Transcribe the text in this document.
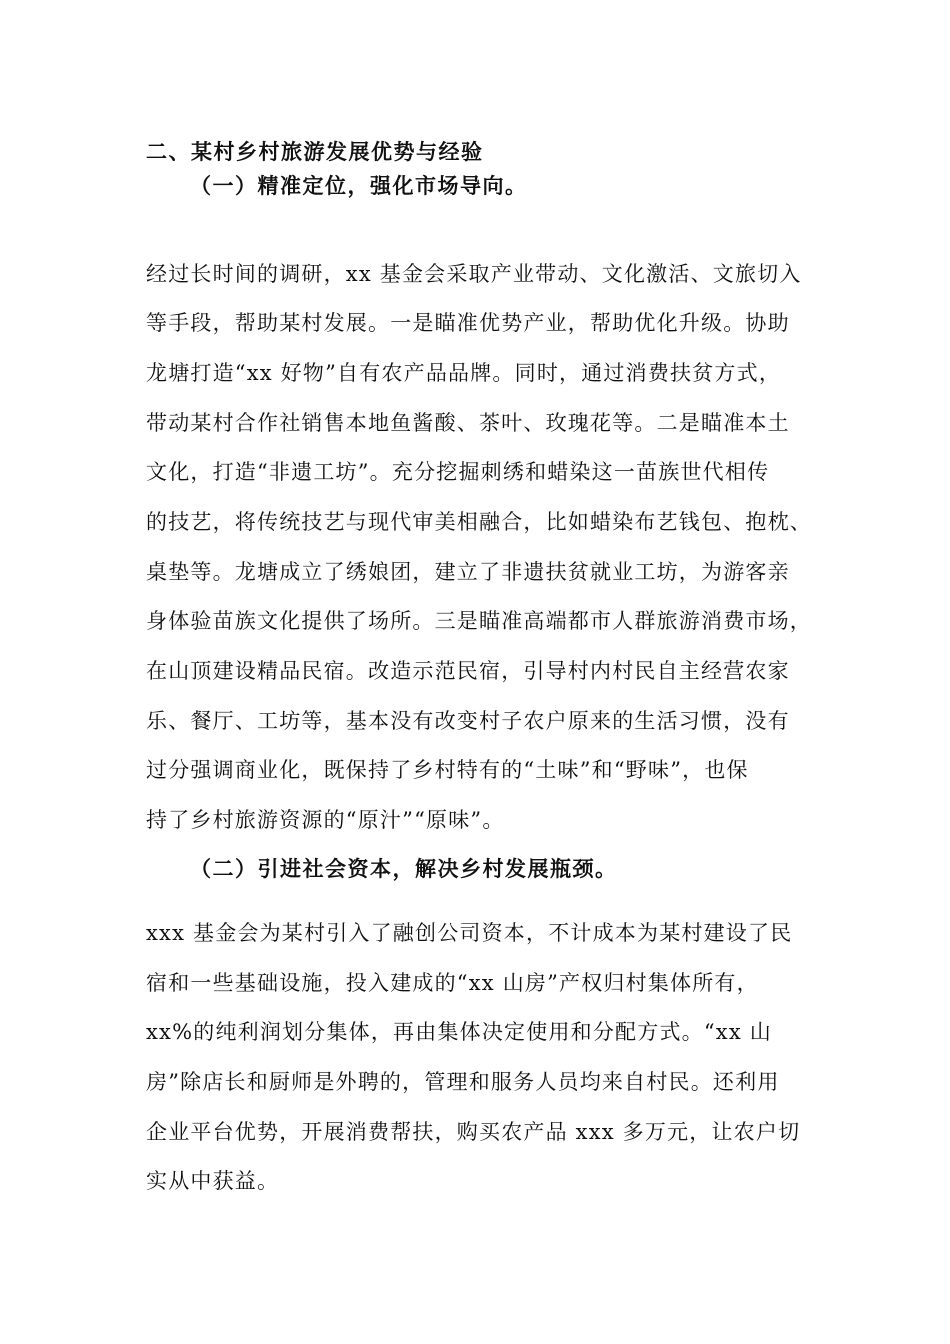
二、某村乡村旅游发展优势与经验
（一）精准定位，强化市场导向。
经过长时间的调研，xx 基金会采取产业带动、文化激活、文旅切入
等手段，帮助某村发展。一是瞄准优势产业，帮助优化升级。协助
龙塘打造“xx 好物”自有农产品品牌。同时，通过消费扶贫方式，
带动某村合作社销售本地鱼酱酸、茶叶、玫瑰花等。二是瞄准本土
文化，打造“非遗工坊”。充分挖掘刺绣和蜡染这一苗族世代相传
的技艺，将传统技艺与现代审美相融合，比如蜡染布艺钱包、抱枕、
桌垫等。龙塘成立了绣娘团，建立了非遗扶贫就业工坊，为游客亲
身体验苗族文化提供了场所。三是瞄准高端都市人群旅游消费市场，
在山顶建设精品民宿。改造示范民宿，引导村内村民自主经营农家
乐、餐厅、工坊等，基本没有改变村子农户原来的生活习惯，没有
过分强调商业化，既保持了乡村特有的“土味”和“野味”，也保
持了乡村旅游资源的“原汁”“原味”。
（二）引进社会资本，解决乡村发展瓶颈。
xxx 基金会为某村引入了融创公司资本，不计成本为某村建设了民
宿和一些基础设施，投入建成的“xx 山房”产权归村集体所有，
xx%的纯利润划分集体，再由集体决定使用和分配方式。“xx 山
房”除店长和厨师是外聘的，管理和服务人员均来自村民。还利用
企业平台优势，开展消费帮扶，购买农产品 xxx 多万元，让农户切
实从中获益。
